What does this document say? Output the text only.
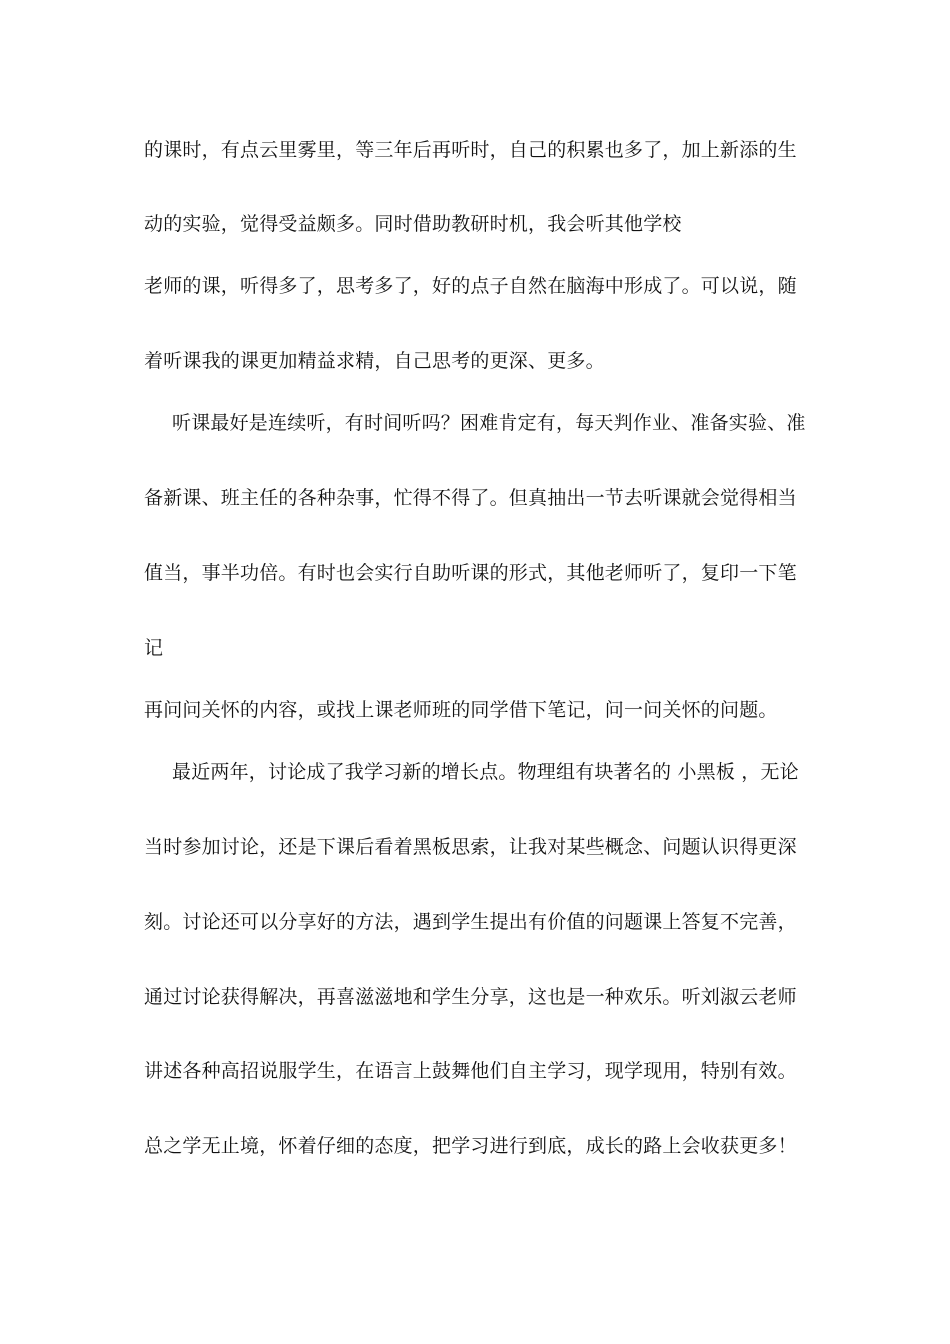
的课时，有点云里雾里，等三年后再听时，自己的积累也多了，加上新添的生
动的实验，觉得受益颇多。同时借助教研时机，我会听其他学校
老师的课，听得多了，思考多了，好的点子自然在脑海中形成了。可以说，随
着听课我的课更加精益求精，自己思考的更深、更多。
听课最好是连续听，有时间听吗？困难肯定有，每天判作业、准备实验、准
备新课、班主任的各种杂事，忙得不得了。但真抽出一节去听课就会觉得相当
值当，事半功倍。有时也会实行自助听课的形式，其他老师听了，复印一下笔
记
再问问关怀的内容，或找上课老师班的同学借下笔记，问一问关怀的问题。
最近两年，讨论成了我学习新的增长点。物理组有块著名的 小黑板 ，无论
当时参加讨论，还是下课后看着黑板思索，让我对某些概念、问题认识得更深
刻。讨论还可以分享好的方法，遇到学生提出有价值的问题课上答复不完善，
通过讨论获得解决，再喜滋滋地和学生分享，这也是一种欢乐。听刘淑云老师
讲述各种高招说服学生，在语言上鼓舞他们自主学习，现学现用，特别有效。
总之学无止境，怀着仔细的态度，把学习进行到底，成长的路上会收获更多！
